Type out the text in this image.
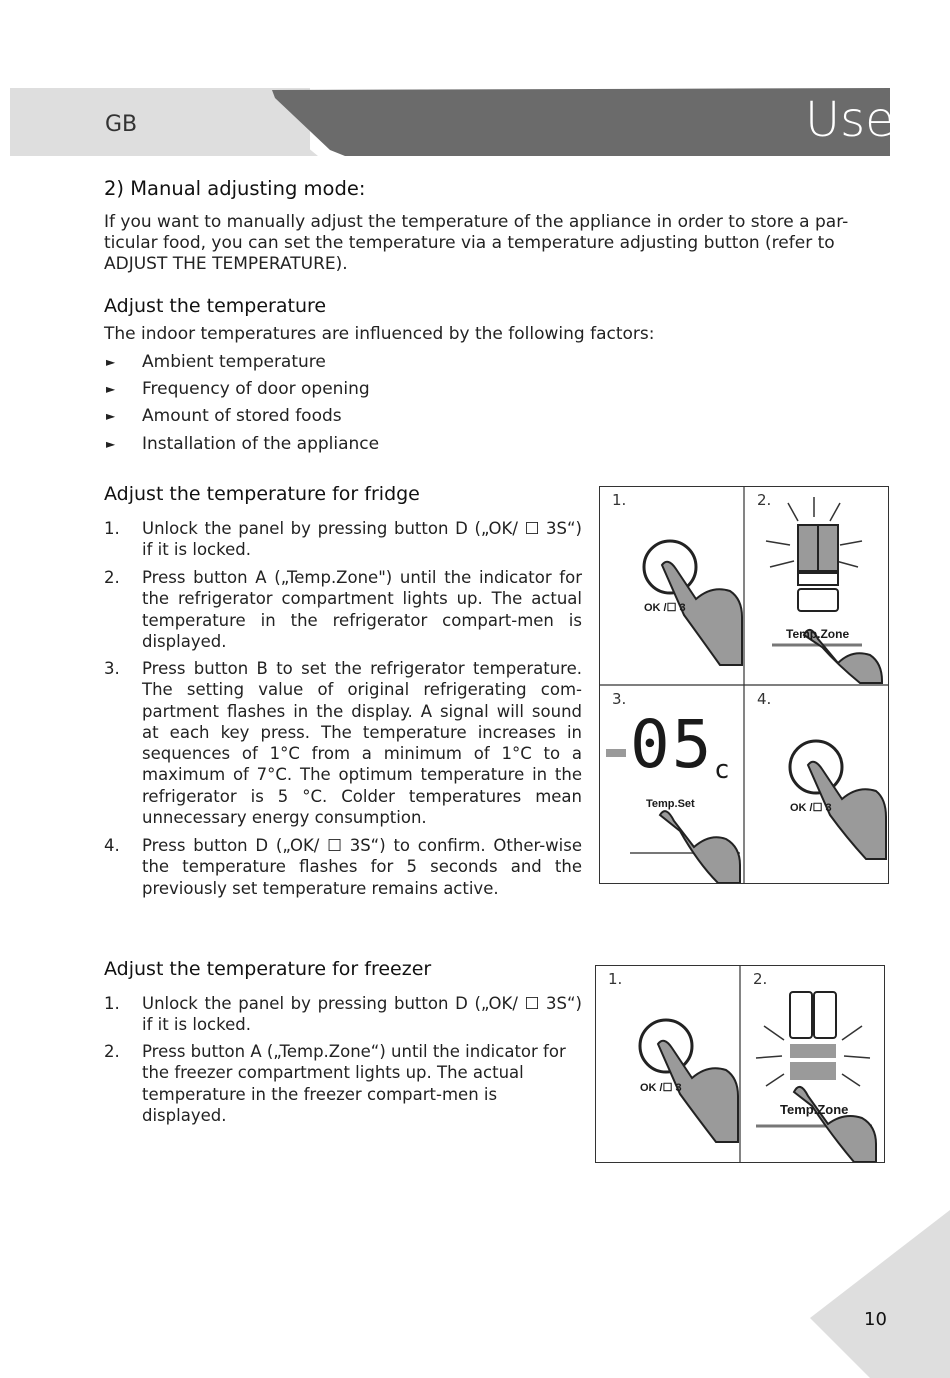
GB	Use
2) Manual adjusting mode:
If you want to manually adjust the temperature of the appliance in order to store a par-
ticular food, you can set the temperature via a temperature adjusting button (refer to
ADJUST THE TEMPERATURE).
Adjust the temperature
The indoor temperatures are influenced by the following factors:
► Ambient temperature
► Frequency of door opening
► Amount of stored foods
► Installation of the appliance
Adjust the temperature for fridge
1. Unlock the panel by pressing button D („OK/ ☐ 3S“) if it is locked.
2. Press button A („Temp.Zone") until the indicator for the refrigerator compartment lights up. The actual temperature in the refrigerator compart-men is displayed.
3. Press button B to set the refrigerator temperature. The setting value of original refrigerating com-partment flashes in the display. A signal will sound at each key press. The temperature increases in sequences of 1°C from a minimum of 1°C to a maximum of 7°C. The optimum temperature in the refrigerator is 5 °C. Colder temperatures mean unnecessary energy consumption.
4. Press button D („OK/ ☐ 3S“) to confirm. Other-wise the temperature flashes for 5 seconds and the previously set temperature remains active.
1.	2.
3.	4.
OK /☐ 3
Temp.Zone
05 c
Temp.Set	OK /☐ 3
Adjust the temperature for freezer
1. Unlock the panel by pressing button D („OK/ ☐ 3S“) if it is locked.
2. Press button A („Temp.Zone“) until the indicator for the freezer compartment lights up. The actual temperature in the freezer compart-men is displayed.
1.	2.
OK /☐ 3
Temp.Zone
10
